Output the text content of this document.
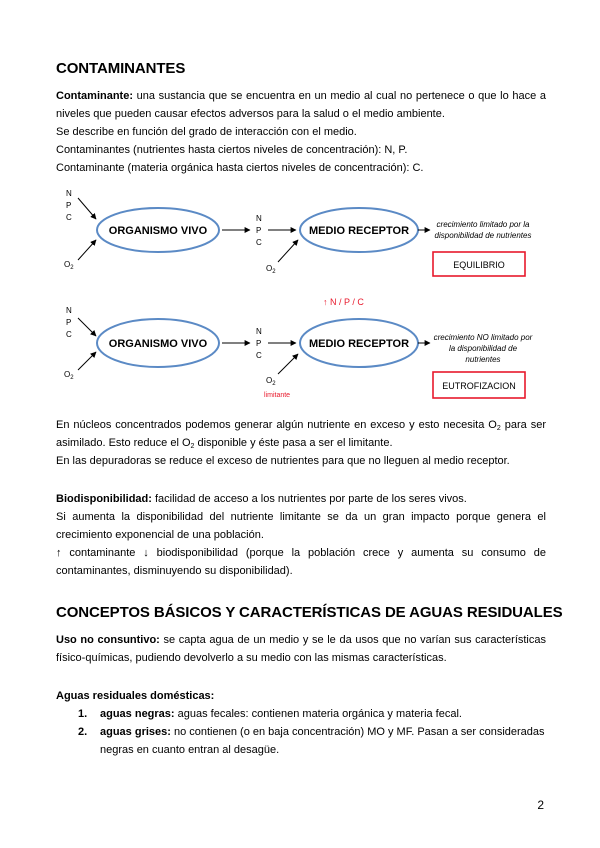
CONTAMINANTES
Contaminante: una sustancia que se encuentra en un medio al cual no pertenece o que lo hace a
niveles que pueden causar efectos adversos para la salud o el medio ambiente.
Se describe en función del grado de interacción con el medio.
Contaminantes (nutrientes hasta ciertos niveles de concentración): N, P.
Contaminante (materia orgánica hasta ciertos niveles de concentración): C.
N
P
C
$O_2$
ORGANISMO VIVO
N
P
C
$O_2$
MEDIO RECEPTOR
crecimiento limitado por la
disponibilidad de nutrientes
EQUILIBRIO
N
P
C
$O_2$
ORGANISMO VIVO
N
P
C
$O_2$
limitante
↑ N / P / C
MEDIO RECEPTOR
crecimiento NO limitado por
la disponibilidad de
nutrientes
EUTROFIZACION
En núcleos concentrados podemos generar algún nutriente en exceso y esto necesita $O_2$ para ser
asimilado. Esto reduce el $O_2$ disponible y éste pasa a ser el limitante.
En las depuradoras se reduce el exceso de nutrientes para que no lleguen al medio receptor.
Biodisponibilidad: facilidad de acceso a los nutrientes por parte de los seres vivos.
Si aumenta la disponibilidad del nutriente limitante se da un gran impacto porque genera el
crecimiento exponencial de una población.
↑ contaminante ↓ biodisponibilidad (porque la población crece y aumenta su consumo de
contaminantes, disminuyendo su disponibilidad).
CONCEPTOS BÁSICOS Y CARACTERÍSTICAS DE AGUAS RESIDUALES
Uso no consuntivo: se capta agua de un medio y se le da usos que no varían sus características
físico-químicas, pudiendo devolverlo a su medio con las mismas características.
Aguas residuales domésticas:
1. aguas negras: aguas fecales: contienen materia orgánica y materia fecal.
2. aguas grises: no contienen (o en baja concentración) MO y MF. Pasan a ser consideradas
negras en cuanto entran al desagüe.
2
